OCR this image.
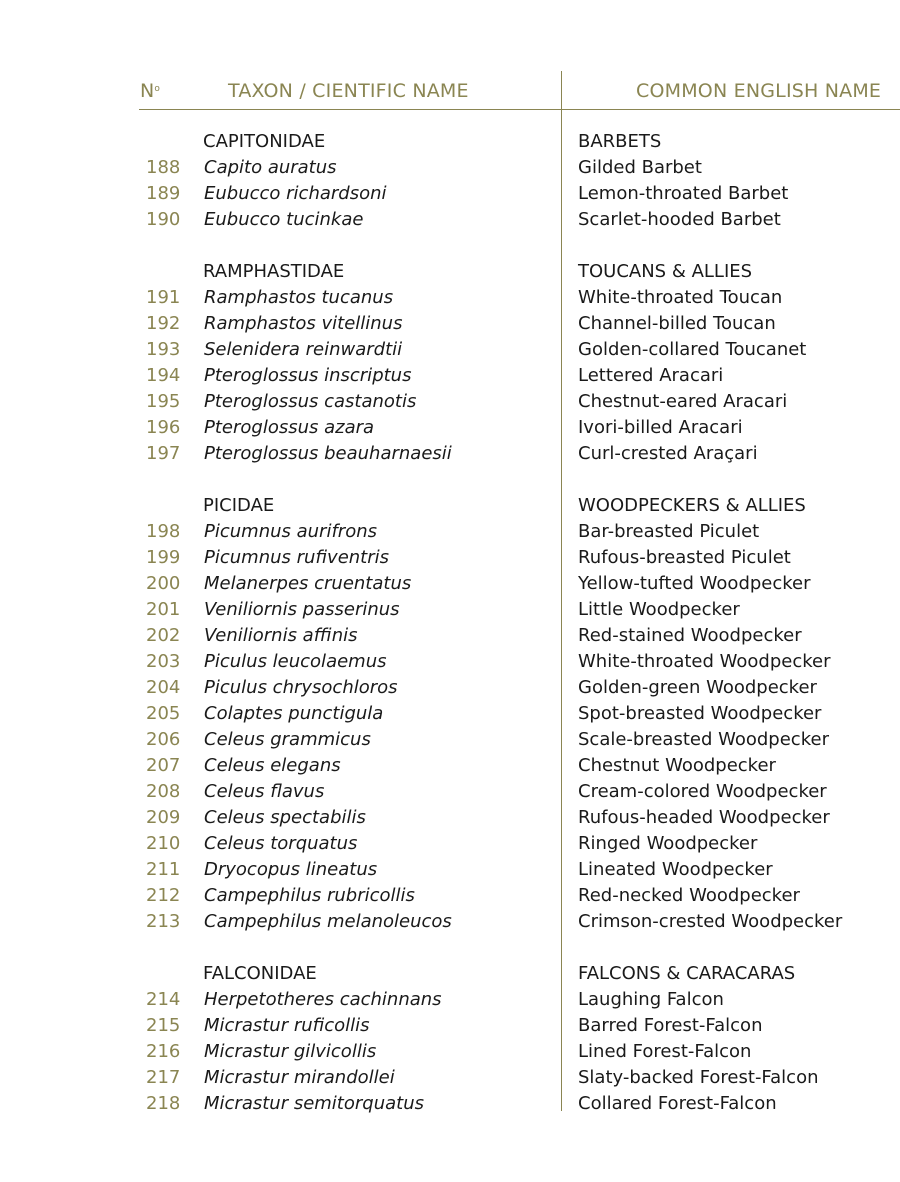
$N^o$	TAXON / CIENTIFIC NAME	COMMON ENGLISH NAME
CAPITONIDAE	BARBETS
188 Capito auratus	Gilded Barbet
189 Eubucco richardsoni	Lemon-throated Barbet
190 Eubucco tucinkae	Scarlet-hooded Barbet
RAMPHASTIDAE	TOUCANS & ALLIES
191 Ramphastos tucanus	White-throated Toucan
192 Ramphastos vitellinus	Channel-billed Toucan
193 Selenidera reinwardtii	Golden-collared Toucanet
194 Pteroglossus inscriptus	Lettered Aracari
195 Pteroglossus castanotis	Chestnut-eared Aracari
196 Pteroglossus azara	Ivori-billed Aracari
197 Pteroglossus beauharnaesii	Curl-crested Araçari
PICIDAE	WOODPECKERS & ALLIES
198 Picumnus aurifrons	Bar-breasted Piculet
199 Picumnus rufiventris	Rufous-breasted Piculet
200 Melanerpes cruentatus	Yellow-tufted Woodpecker
201 Veniliornis passerinus	Little Woodpecker
202 Veniliornis affinis	Red-stained Woodpecker
203 Piculus leucolaemus	White-throated Woodpecker
204 Piculus chrysochloros	Golden-green Woodpecker
205 Colaptes punctigula	Spot-breasted Woodpecker
206 Celeus grammicus	Scale-breasted Woodpecker
207 Celeus elegans	Chestnut Woodpecker
208 Celeus flavus	Cream-colored Woodpecker
209 Celeus spectabilis	Rufous-headed Woodpecker
210 Celeus torquatus	Ringed Woodpecker
211 Dryocopus lineatus	Lineated Woodpecker
212 Campephilus rubricollis	Red-necked Woodpecker
213 Campephilus melanoleucos	Crimson-crested Woodpecker
FALCONIDAE	FALCONS & CARACARAS
214 Herpetotheres cachinnans	Laughing Falcon
215 Micrastur ruficollis	Barred Forest-Falcon
216 Micrastur gilvicollis	Lined Forest-Falcon
217 Micrastur mirandollei	Slaty-backed Forest-Falcon
218 Micrastur semitorquatus	Collared Forest-Falcon
